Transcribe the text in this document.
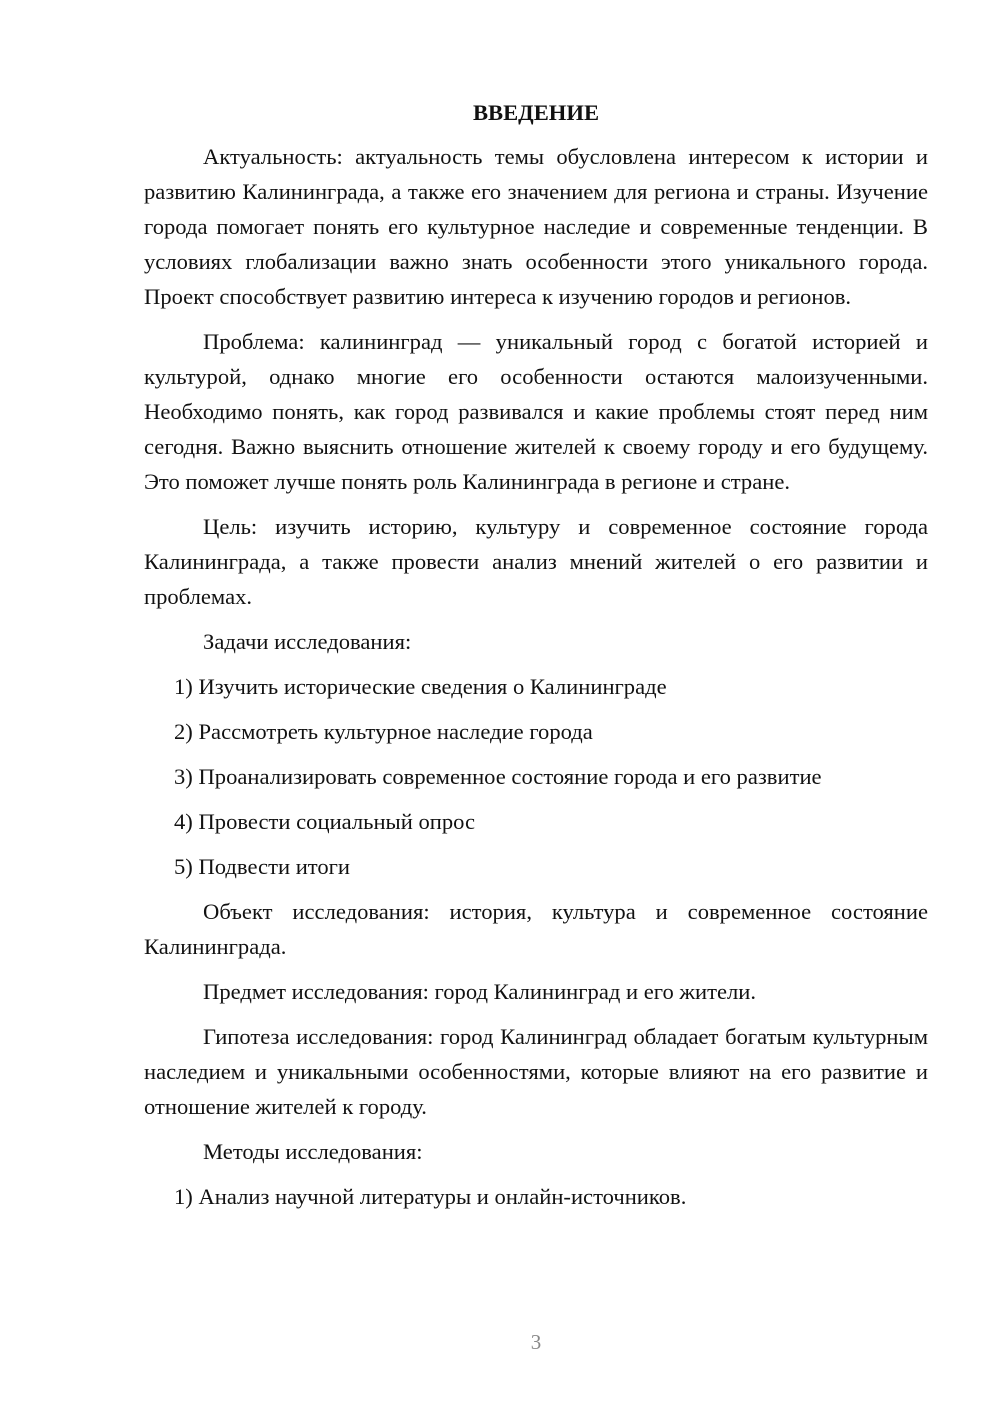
ВВЕДЕНИЕ

Актуальность: актуальность темы обусловлена интересом к истории и развитию Калининграда, а также его значением для региона и страны. Изучение города помогает понять его культурное наследие и современные тенденции. В условиях глобализации важно знать особенности этого уникального города. Проект способствует развитию интереса к изучению городов и регионов.

Проблема: калининград — уникальный город с богатой историей и культурой, однако многие его особенности остаются малоизученными. Необходимо понять, как город развивался и какие проблемы стоят перед ним сегодня. Важно выяснить отношение жителей к своему городу и его будущему. Это поможет лучше понять роль Калининграда в регионе и стране.

Цель: изучить историю, культуру и современное состояние города Калининграда, а также провести анализ мнений жителей о его развитии и проблемах.

Задачи исследования:

1) Изучить исторические сведения о Калининграде

2) Рассмотреть культурное наследие города

3) Проанализировать современное состояние города и его развитие

4) Провести социальный опрос

5) Подвести итоги

Объект исследования: история, культура и современное состояние Калининграда.

Предмет исследования: город Калининград и его жители.

Гипотеза исследования: город Калининград обладает богатым культурным наследием и уникальными особенностями, которые влияют на его развитие и отношение жителей к городу.

Методы исследования:

1) Анализ научной литературы и онлайн-источников.

3
